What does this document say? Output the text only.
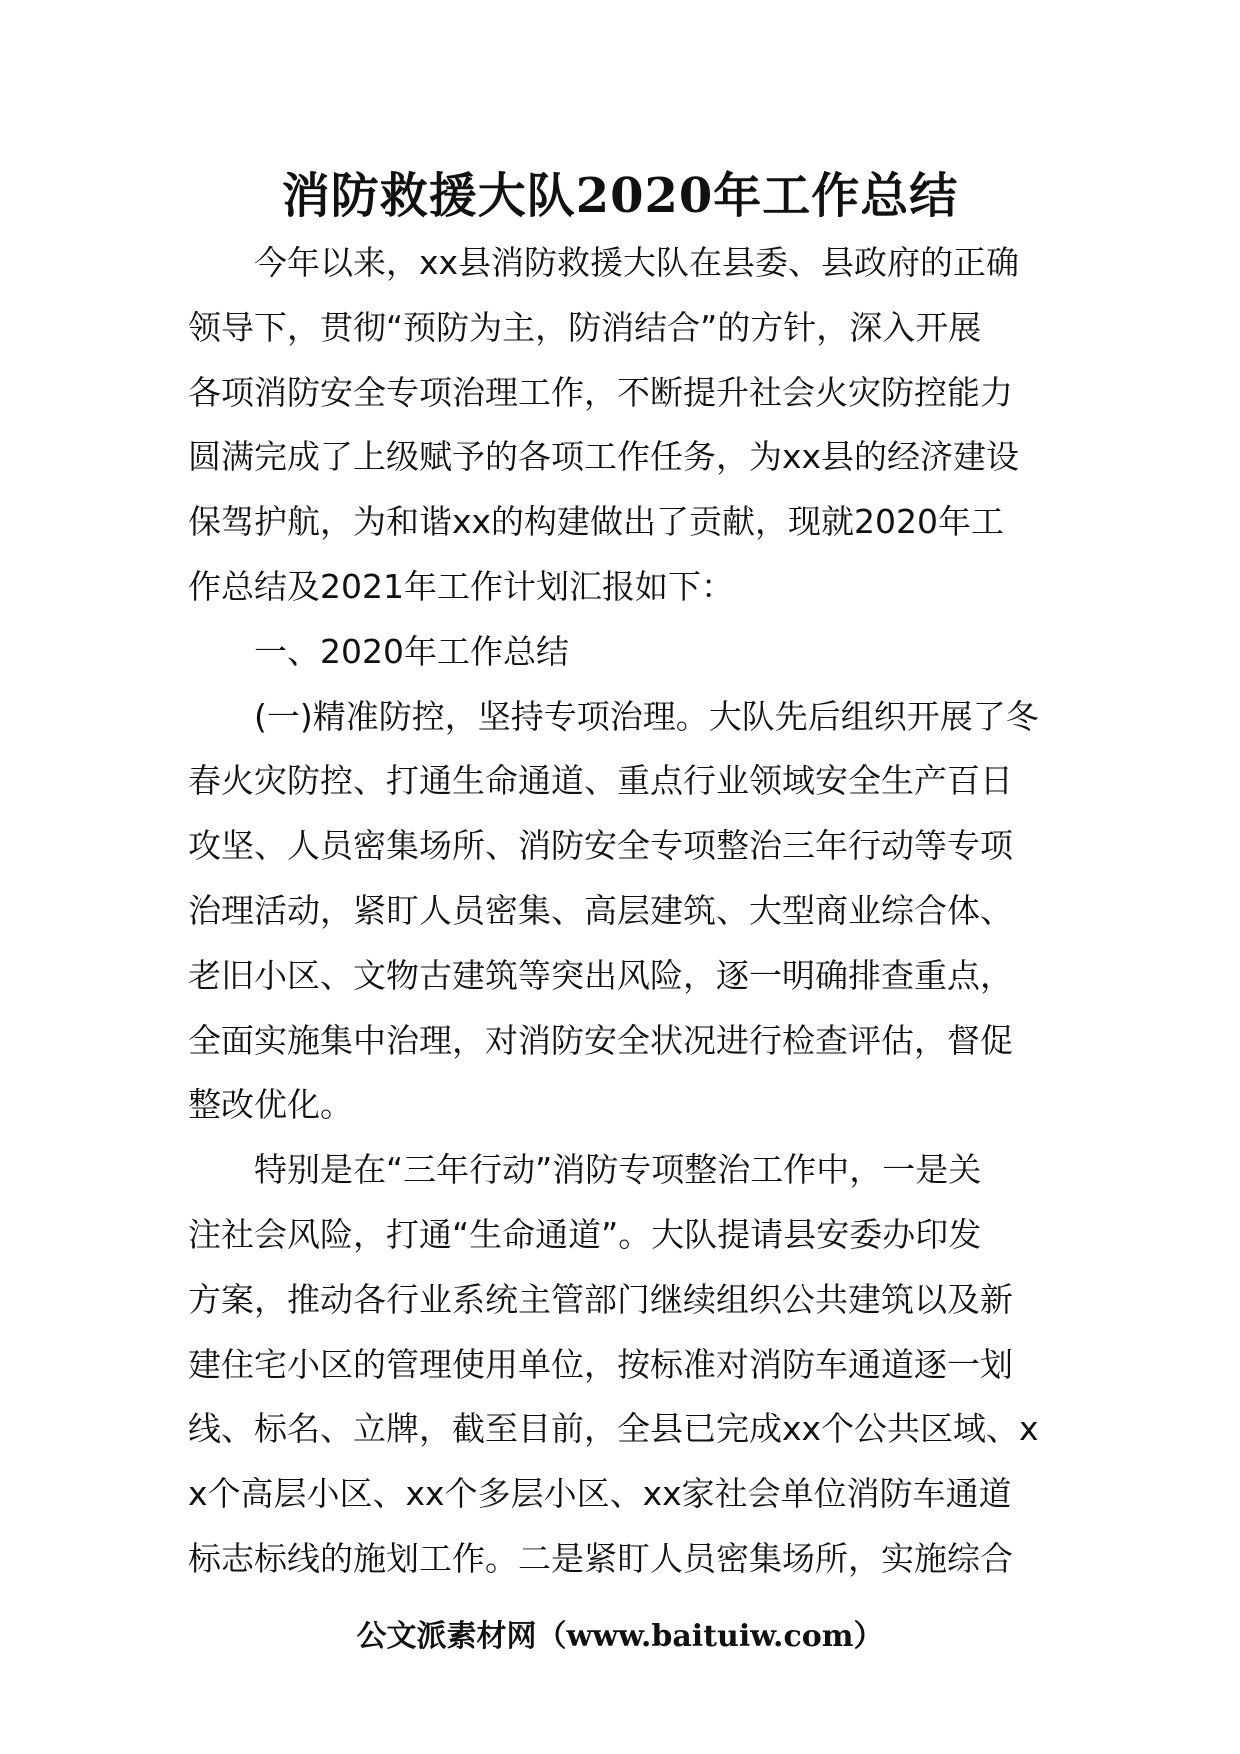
消防救援大队2020年工作总结
今年以来，xx县消防救援大队在县委、县政府的正确
领导下，贯彻“预防为主，防消结合”的方针，深入开展
各项消防安全专项治理工作，不断提升社会火灾防控能力
圆满完成了上级赋予的各项工作任务，为xx县的经济建设
保驾护航，为和谐xx的构建做出了贡献，现就2020年工
作总结及2021年工作计划汇报如下：
一、2020年工作总结
(一)精准防控，坚持专项治理。大队先后组织开展了冬
春火灾防控、打通生命通道、重点行业领域安全生产百日
攻坚、人员密集场所、消防安全专项整治三年行动等专项
治理活动，紧盯人员密集、高层建筑、大型商业综合体、
老旧小区、文物古建筑等突出风险，逐一明确排查重点，
全面实施集中治理，对消防安全状况进行检查评估，督促
整改优化。
特别是在“三年行动”消防专项整治工作中，一是关
注社会风险，打通“生命通道”。大队提请县安委办印发
方案，推动各行业系统主管部门继续组织公共建筑以及新
建住宅小区的管理使用单位，按标准对消防车通道逐一划
线、标名、立牌，截至目前，全县已完成xx个公共区域、x
x个高层小区、xx个多层小区、xx家社会单位消防车通道
标志标线的施划工作。二是紧盯人员密集场所，实施综合
公文派素材网（www.baituiw.com）
